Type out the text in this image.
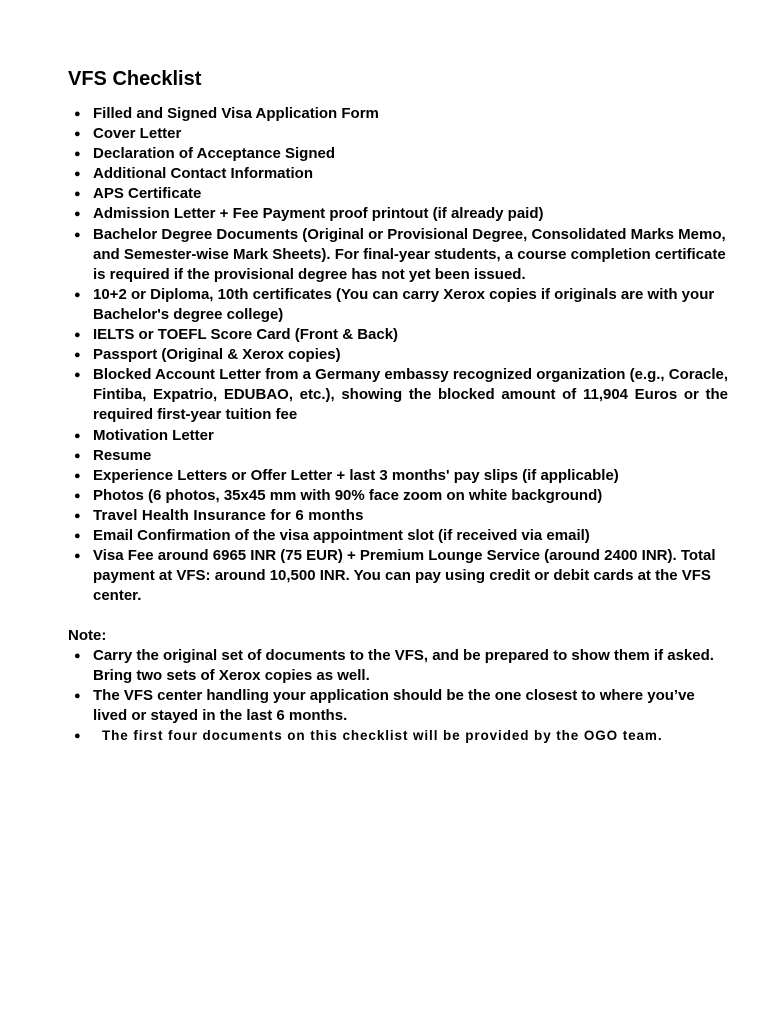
VFS Checklist
● Filled and Signed Visa Application Form
● Cover Letter
● Declaration of Acceptance Signed
● Additional Contact Information
● APS Certificate
● Admission Letter + Fee Payment proof printout (if already paid)
● Bachelor Degree Documents (Original or Provisional Degree, Consolidated Marks Memo, and Semester-wise Mark Sheets). For final-year students, a course completion certificate is required if the provisional degree has not yet been issued.
● 10+2 or Diploma, 10th certificates (You can carry Xerox copies if originals are with your Bachelor's degree college)
● IELTS or TOEFL Score Card (Front & Back)
● Passport (Original & Xerox copies)
● Blocked Account Letter from a Germany embassy recognized organization (e.g., Coracle, Fintiba, Expatrio, EDUBAO, etc.), showing the blocked amount of 11,904 Euros or the required first-year tuition fee
● Motivation Letter
● Resume
● Experience Letters or Offer Letter + last 3 months' pay slips (if applicable)
● Photos (6 photos, 35x45 mm with 90% face zoom on white background)
● Travel Health Insurance for 6 months
● Email Confirmation of the visa appointment slot (if received via email)
● Visa Fee around 6965 INR (75 EUR) + Premium Lounge Service (around 2400 INR). Total payment at VFS: around 10,500 INR. You can pay using credit or debit cards at the VFS center.
Note:
● Carry the original set of documents to the VFS, and be prepared to show them if asked. Bring two sets of Xerox copies as well.
● The VFS center handling your application should be the one closest to where you’ve lived or stayed in the last 6 months.
● The first four documents on this checklist will be provided by the OGO team.
